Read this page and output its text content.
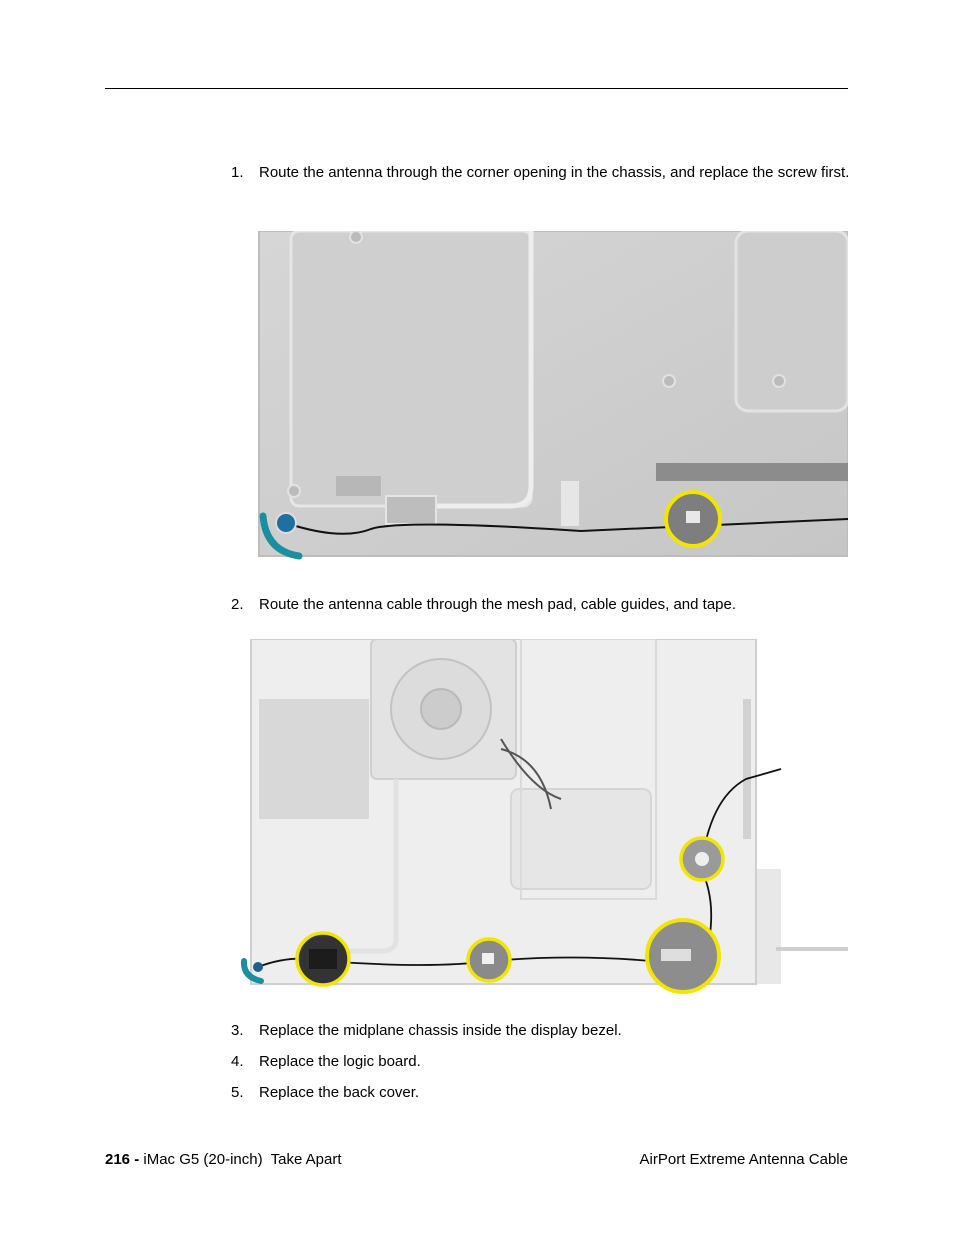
1. Route the antenna through the corner opening in the chassis, and replace the screw first.
2. Route the antenna cable through the mesh pad, cable guides, and tape.
3. Replace the midplane chassis inside the display bezel.
4. Replace the logic board.
5. Replace the back cover.
216 - iMac G5 (20-inch)  Take Apart	AirPort Extreme Antenna Cable
